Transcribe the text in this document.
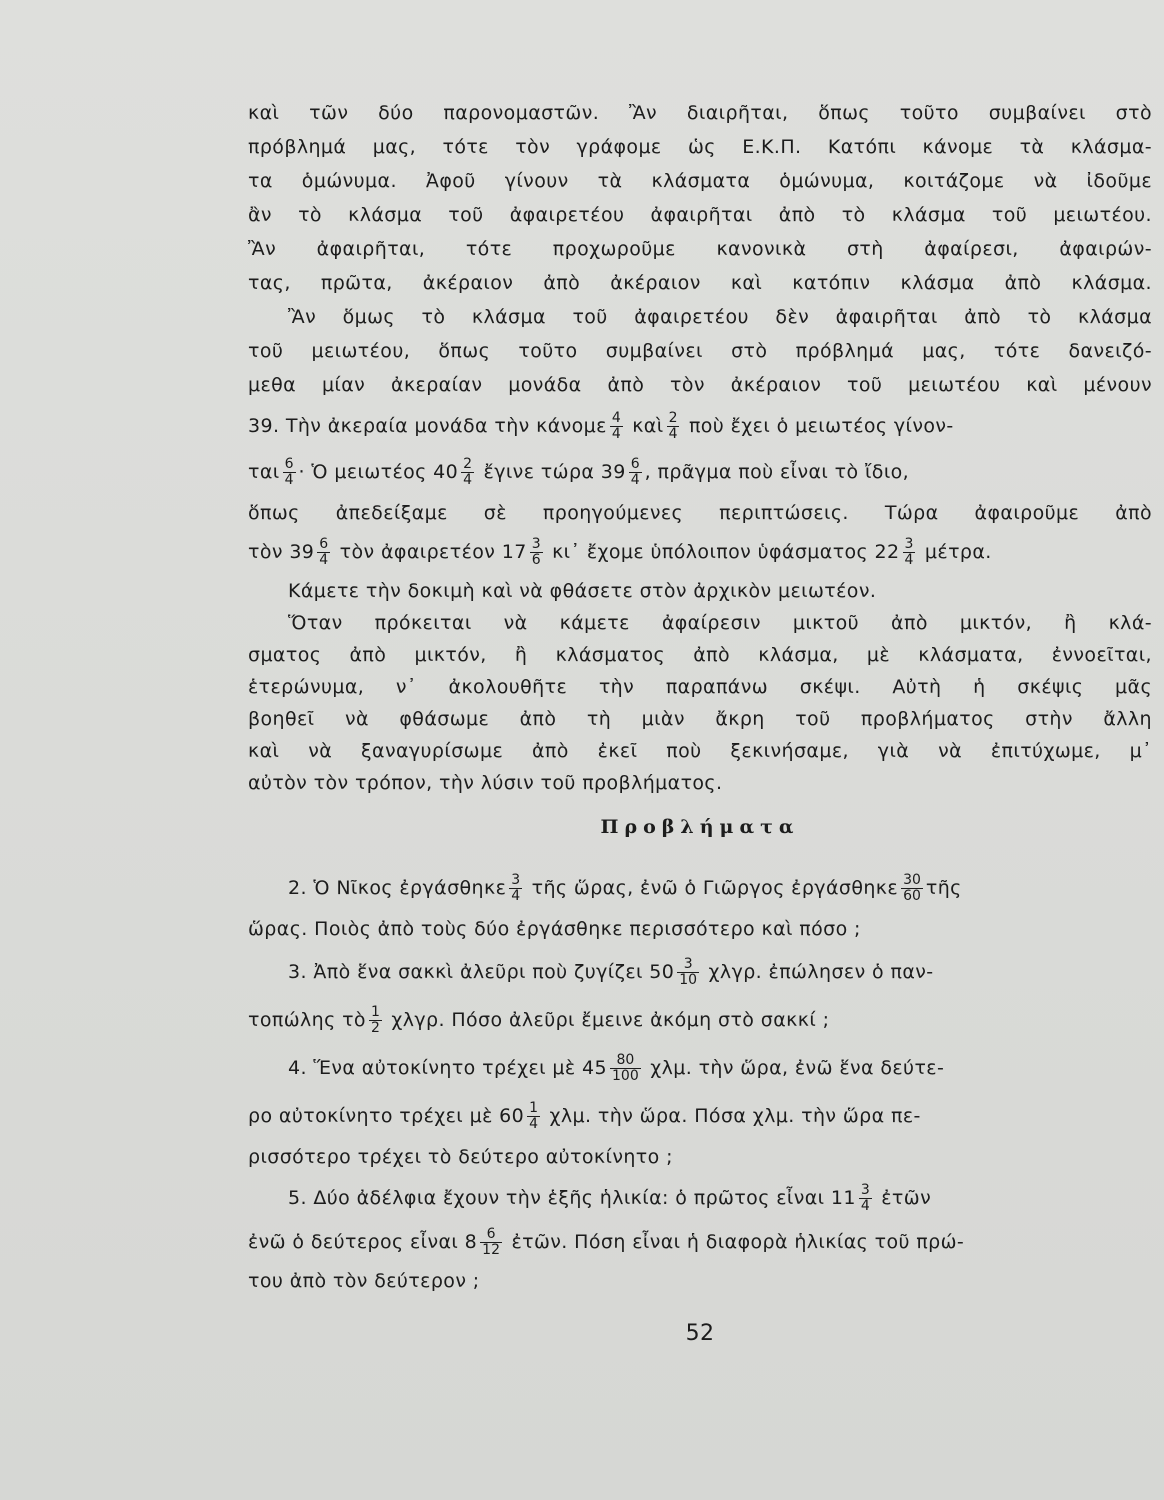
καὶ τῶν δύο παρονομαστῶν. Ἂν διαιρῆται, ὅπως τοῦτο συμβαίνει στὸ
πρόβλημά μας, τότε τὸν γράφομε ὡς Ε.Κ.Π. Κατόπι κάνομε τὰ κλάσμα-
τα ὁμώνυμα. Ἀφοῦ γίνουν τὰ κλάσματα ὁμώνυμα, κοιτάζομε νὰ ἰδοῦμε
ἂν τὸ κλάσμα τοῦ ἀφαιρετέου ἀφαιρῆται ἀπὸ τὸ κλάσμα τοῦ μειωτέου.
Ἂν ἀφαιρῆται, τότε προχωροῦμε κανονικὰ στὴ ἀφαίρεσι, ἀφαιρών-
τας, πρῶτα, ἀκέραιον ἀπὸ ἀκέραιον καὶ κατόπιν κλάσμα ἀπὸ κλάσμα.
Ἂν ὅμως τὸ κλάσμα τοῦ ἀφαιρετέου δὲν ἀφαιρῆται ἀπὸ τὸ κλάσμα
τοῦ μειωτέου, ὅπως τοῦτο συμβαίνει στὸ πρόβλημά μας, τότε δανειζό-
μεθα μίαν ἀκεραίαν μονάδα ἀπὸ τὸν ἀκέραιον τοῦ μειωτέου καὶ μένουν
39. Τὴν ἀκεραία μονάδα τὴν κάνομε $\frac{4}{4}$ καὶ $\frac{2}{4}$ ποὺ ἔχει ὁ μειωτέος γίνον-
ται $\frac{6}{4}$ · Ὁ μειωτέος $40 \frac{2}{4}$ ἔγινε τώρα $39 \frac{6}{4}$ , πρᾶγμα ποὺ εἶναι τὸ ἴδιο,
ὅπως ἀπεδείξαμε σὲ προηγούμενες περιπτώσεις. Τώρα ἀφαιροῦμε ἀπὸ
τὸν $39 \frac{6}{4}$ τὸν ἀφαιρετέον $17 \frac{3}{6}$ κι᾽ ἔχομε ὑπόλοιπον ὑφάσματος $22 \frac{3}{4} \mu έ\tau\rho\alpha$.
Κάμετε τὴν δοκιμὴ καὶ νὰ φθάσετε στὸν ἀρχικὸν μειωτέον.
Ὅταν πρόκειται νὰ κάμετε ἀφαίρεσιν μικτοῦ ἀπὸ μικτόν, ἢ κλά-
σματος ἀπὸ μικτόν, ἢ κλάσματος ἀπὸ κλάσμα, μὲ κλάσματα, ἐννοεῖται,
ἑτερώνυμα, ν᾽ ἀκολουθῆτε τὴν παραπάνω σκέψι. Αὐτὴ ἡ σκέψις μᾶς
βοηθεῖ νὰ φθάσωμε ἀπὸ τὴ μιὰν ἄκρη τοῦ προβλήματος στὴν ἄλλη
καὶ νὰ ξαναγυρίσωμε ἀπὸ ἐκεῖ ποὺ ξεκινήσαμε, γιὰ νὰ ἐπιτύχωμε, μ᾽
αὐτὸν τὸν τρόπον, τὴν λύσιν τοῦ προβλήματος.
Προβλήματα
2. Ὁ Νῖκος ἐργάσθηκε $\frac{3}{4}$ τῆς ὥρας, ἐνῶ ὁ Γιῶργος ἐργάσθηκε $\frac{30}{60}$ τῆς
ὥρας. Ποιὸς ἀπὸ τοὺς δύο ἐργάσθηκε περισσότερο καὶ πόσο ;
3. Ἀπὸ ἕνα σακκὶ ἀλεῦρι ποὺ ζυγίζει $50 \frac{3}{10} \chi\lambda\gamma\rho$. ἐπώλησεν ὁ παν-
τοπώλης τὸ $\frac{1}{2} \chi\lambda\gamma\rho$. Πόσο ἀλεῦρι ἔμεινε ἀκόμη στὸ σακκί ;
4. Ἕνα αὐτοκίνητο τρέχει μὲ $45 \frac{80}{100} \chi\lambda\mu$. τὴν ὥρα, ἐνῶ ἕνα δεύτε-
ρο αὐτοκίνητο τρέχει μὲ $60 \frac{1}{4} \chi\lambda\mu$. τὴν ὥρα. Πόσα χλμ. τὴν ὥρα πε-
ρισσότερο τρέχει τὸ δεύτερο αὐτοκίνητο ;
5. Δύο ἀδέλφια ἔχουν τὴν ἑξῆς ἡλικία: ὁ πρῶτος εἶναι $11 \frac{3}{4}$ ἐτῶν
ἐνῶ ὁ δεύτερος εἶναι $8 \frac{6}{12}$ ἐτῶν. Πόση εἶναι ἡ διαφορὰ ἡλικίας τοῦ πρώ-
του ἀπὸ τὸν δεύτερον ;
52
